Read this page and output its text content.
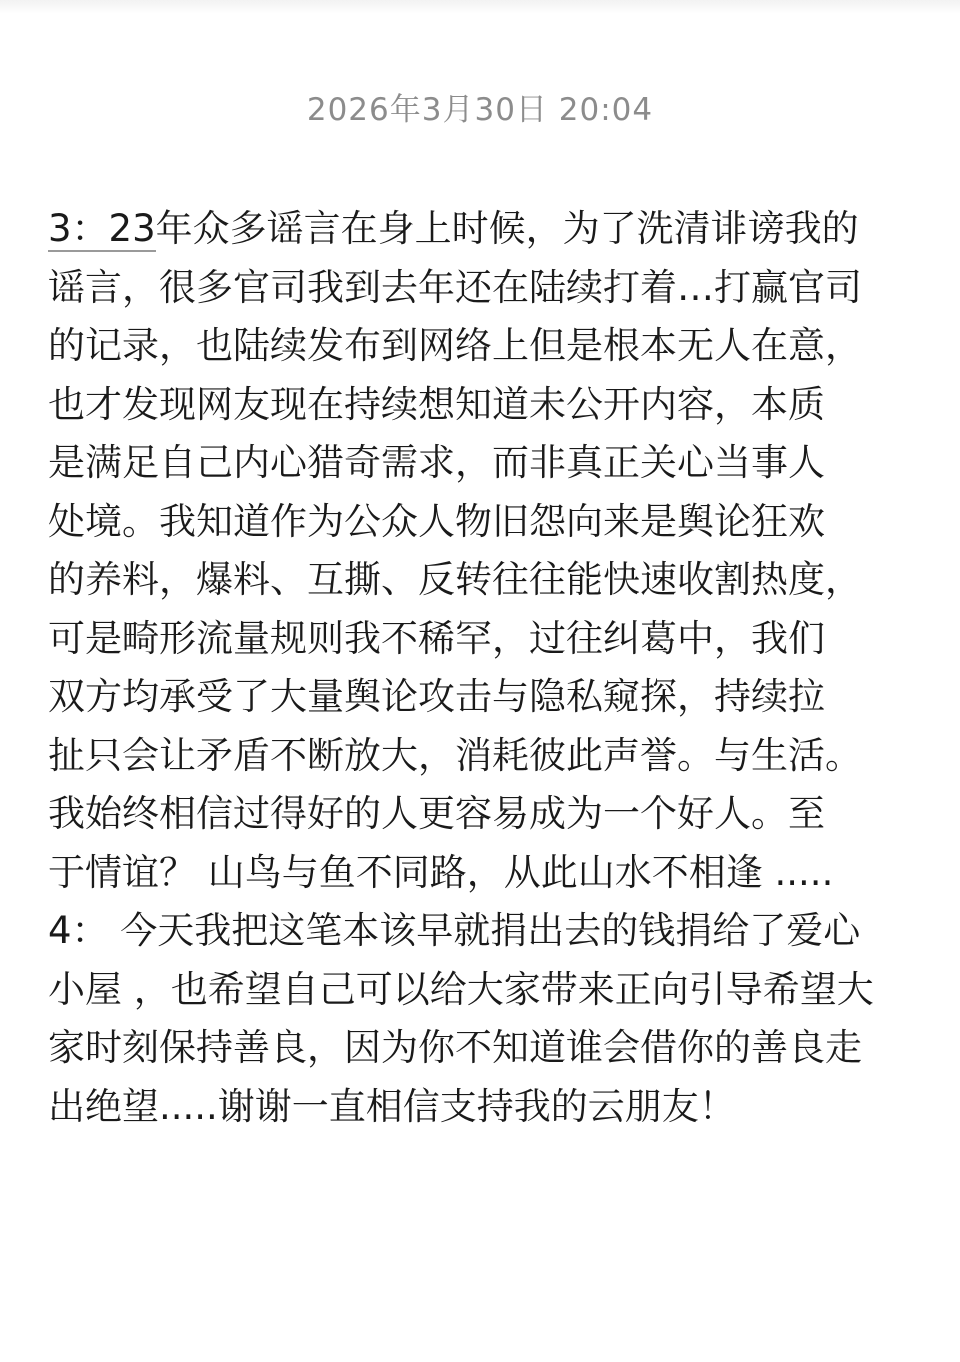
2026年3月30日 20:04
3：23年众多谣言在身上时候，为了洗清诽谤我的
谣言，很多官司我到去年还在陆续打着…打赢官司
的记录，也陆续发布到网络上但是根本无人在意，
也才发现网友现在持续想知道未公开内容，本质
是满足自己内心猎奇需求，而非真正关心当事人
处境。我知道作为公众人物旧怨向来是舆论狂欢
的养料，爆料、互撕、反转往往能快速收割热度，
可是畸形流量规则我不稀罕，过往纠葛中，我们
双方均承受了大量舆论攻击与隐私窥探，持续拉
扯只会让矛盾不断放大，消耗彼此声誉。与生活。
我始终相信过得好的人更容易成为一个好人。至
于情谊？ 山鸟与鱼不同路，从此山水不相逢 .....
4： 今天我把这笔本该早就捐出去的钱捐给了爱心
小屋 ，也希望自己可以给大家带来正向引导希望大
家时刻保持善良，因为你不知道谁会借你的善良走
出绝望.....谢谢一直相信支持我的云朋友！
